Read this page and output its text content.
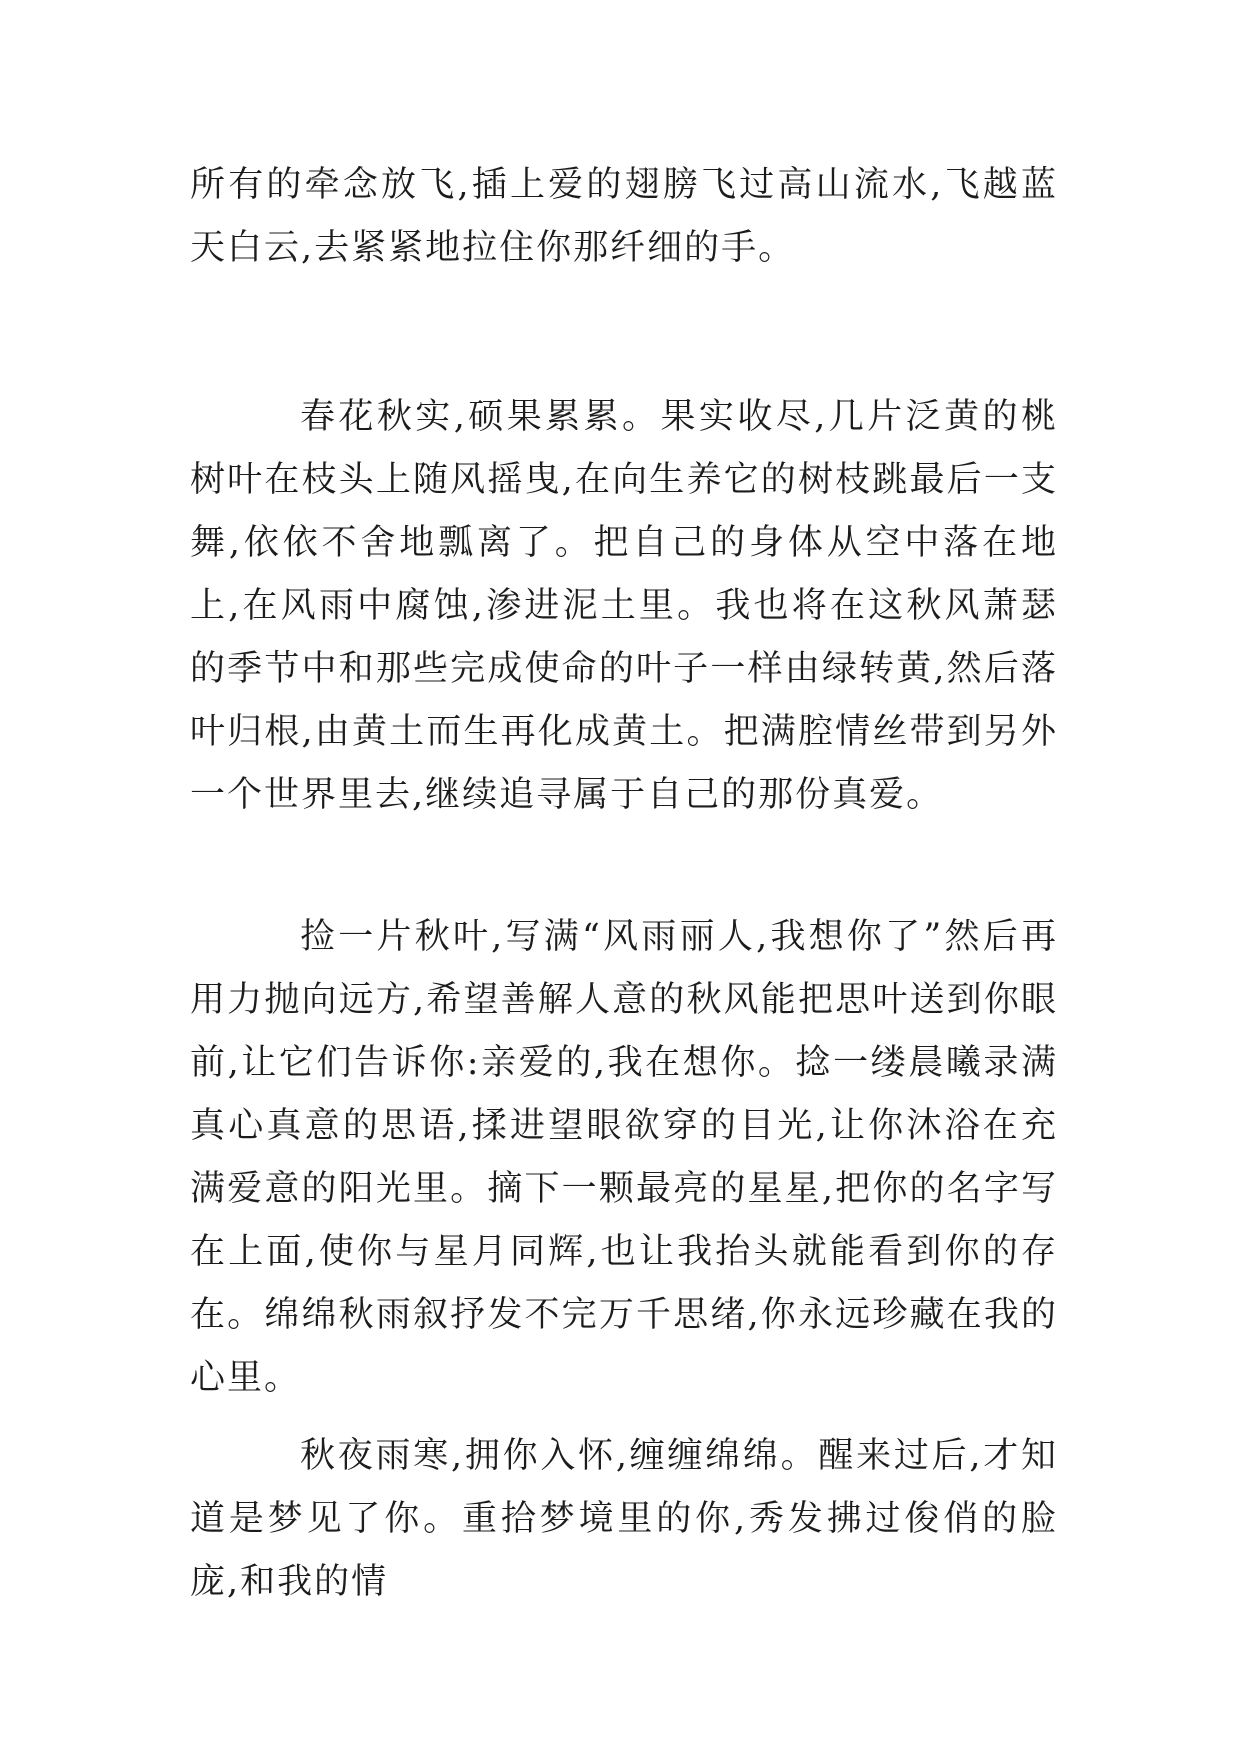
所有的牵念放飞,插上爱的翅膀飞过高山流水,飞越蓝天白云,去紧紧地拉住你那纤细的手。

春花秋实,硕果累累。果实收尽,几片泛黄的桃树叶在枝头上随风摇曳,在向生养它的树枝跳最后一支舞,依依不舍地瓢离了。把自己的身体从空中落在地上,在风雨中腐蚀,渗进泥土里。我也将在这秋风萧瑟的季节中和那些完成使命的叶子一样由绿转黄,然后落叶归根,由黄土而生再化成黄土。把满腔情丝带到另外一个世界里去,继续追寻属于自己的那份真爱。

捡一片秋叶,写满“风雨丽人,我想你了”然后再用力抛向远方,希望善解人意的秋风能把思叶送到你眼前,让它们告诉你:亲爱的,我在想你。捻一缕晨曦录满真心真意的思语,揉进望眼欲穿的目光,让你沐浴在充满爱意的阳光里。摘下一颗最亮的星星,把你的名字写在上面,使你与星月同辉,也让我抬头就能看到你的存在。绵绵秋雨叙抒发不完万千思绪,你永远珍藏在我的心里。

秋夜雨寒,拥你入怀,缠缠绵绵。醒来过后,才知道是梦见了你。重拾梦境里的你,秀发拂过俊俏的脸庞,和我的情
